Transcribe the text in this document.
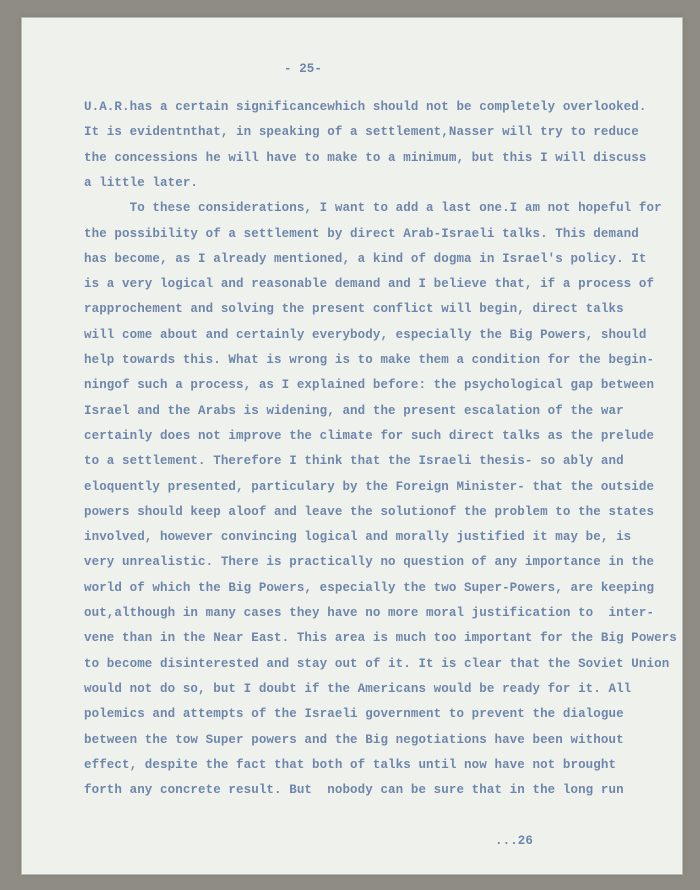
- 25-
U.A.R.has a certain significancewhich should not be completely overlooked.
It is evidentnthat, in speaking of a settlement,Nasser will try to reduce
the concessions he will have to make to a minimum, but this I will discuss
a little later.
To these considerations, I want to add a last one.I am not hopeful for
the possibility of a settlement by direct Arab-Israeli talks. This demand
has become, as I already mentioned, a kind of dogma in Israel's policy. It
is a very logical and reasonable demand and I believe that, if a process of
rapprochement and solving the present conflict will begin, direct talks
will come about and certainly everybody, especially the Big Powers, should
help towards this. What is wrong is to make them a condition for the begin-
ningof such a process, as I explained before: the psychological gap between
Israel and the Arabs is widening, and the present escalation of the war
certainly does not improve the climate for such direct talks as the prelude
to a settlement. Therefore I think that the Israeli thesis- so ably and
eloquently presented, particulary by the Foreign Minister- that the outside
powers should keep aloof and leave the solutionof the problem to the states
involved, however convincing logical and morally justified it may be, is
very unrealistic. There is practically no question of any importance in the
world of which the Big Powers, especially the two Super-Powers, are keeping
out,although in many cases they have no more moral justification to  inter-
vene than in the Near East. This area is much too important for the Big Powers
to become disinterested and stay out of it. It is clear that the Soviet Union
would not do so, but I doubt if the Americans would be ready for it. All
polemics and attempts of the Israeli government to prevent the dialogue
between the tow Super powers and the Big negotiations have been without
effect, despite the fact that both of talks until now have not brought
forth any concrete result. But  nobody can be sure that in the long run
...26
